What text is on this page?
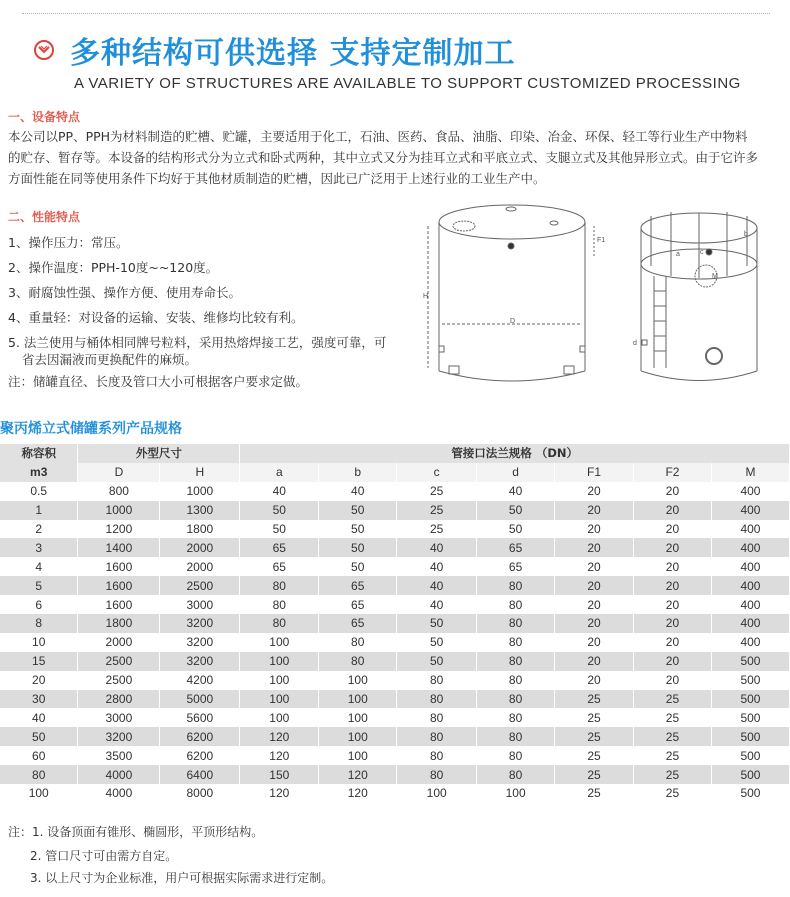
多种结构可供选择 支持定制加工
A VARIETY OF STRUCTURES ARE AVAILABLE TO SUPPORT CUSTOMIZED PROCESSING
一、设备特点
本公司以PP、PPH为材料制造的贮槽、贮罐，主要适用于化工，石油、医药、食品、油脂、印染、冶金、环保、轻工等行业生产中物料
的贮存、暂存等。本设备的结构形式分为立式和卧式两种，其中立式又分为挂耳立式和平底立式、支腿立式及其他异形立式。由于它许多
方面性能在同等使用条件下均好于其他材质制造的贮槽，因此已广泛用于上述行业的工业生产中。
二、性能特点
1、操作压力：常压。
2、操作温度：PPH-10度~~120度。
3、耐腐蚀性强、操作方便、使用寿命长。
4、重量轻：对设备的运输、安装、维修均比较有利。
5. 法兰使用与桶体相同牌号粒料，采用热熔焊接工艺，强度可靠，可
省去因漏液而更换配件的麻烦。
注：储罐直径、长度及管口大小可根据客户要求定做。
D
H
F1
a	c
M
d
b
聚丙烯立式储罐系列产品规格
称容积	外型尺寸		管接口法兰规格 （DN）						
m3	D	H	a	b	c	d	F1	F2	M
0.5	800	1000	40	40	25	40	20	20	400
1	1000	1300	50	50	25	50	20	20	400
2	1200	1800	50	50	25	50	20	20	400
3	1400	2000	65	50	40	65	20	20	400
4	1600	2000	65	50	40	65	20	20	400
5	1600	2500	80	65	40	80	20	20	400
6	1600	3000	80	65	40	80	20	20	400
8	1800	3200	80	65	50	80	20	20	400
10	2000	3200	100	80	50	80	20	20	400
15	2500	3200	100	80	50	80	20	20	500
20	2500	4200	100	100	80	80	20	20	500
30	2800	5000	100	100	80	80	25	25	500
40	3000	5600	100	100	80	80	25	25	500
50	3200	6200	120	100	80	80	25	25	500
60	3500	6200	120	100	80	80	25	25	500
80	4000	6400	150	120	80	80	25	25	500
100	4000	8000	120	120	100	100	25	25	500
注：1. 设备顶面有锥形、椭圆形，平顶形结构。
2. 管口尺寸可由需方自定。
3. 以上尺寸为企业标准，用户可根据实际需求进行定制。
